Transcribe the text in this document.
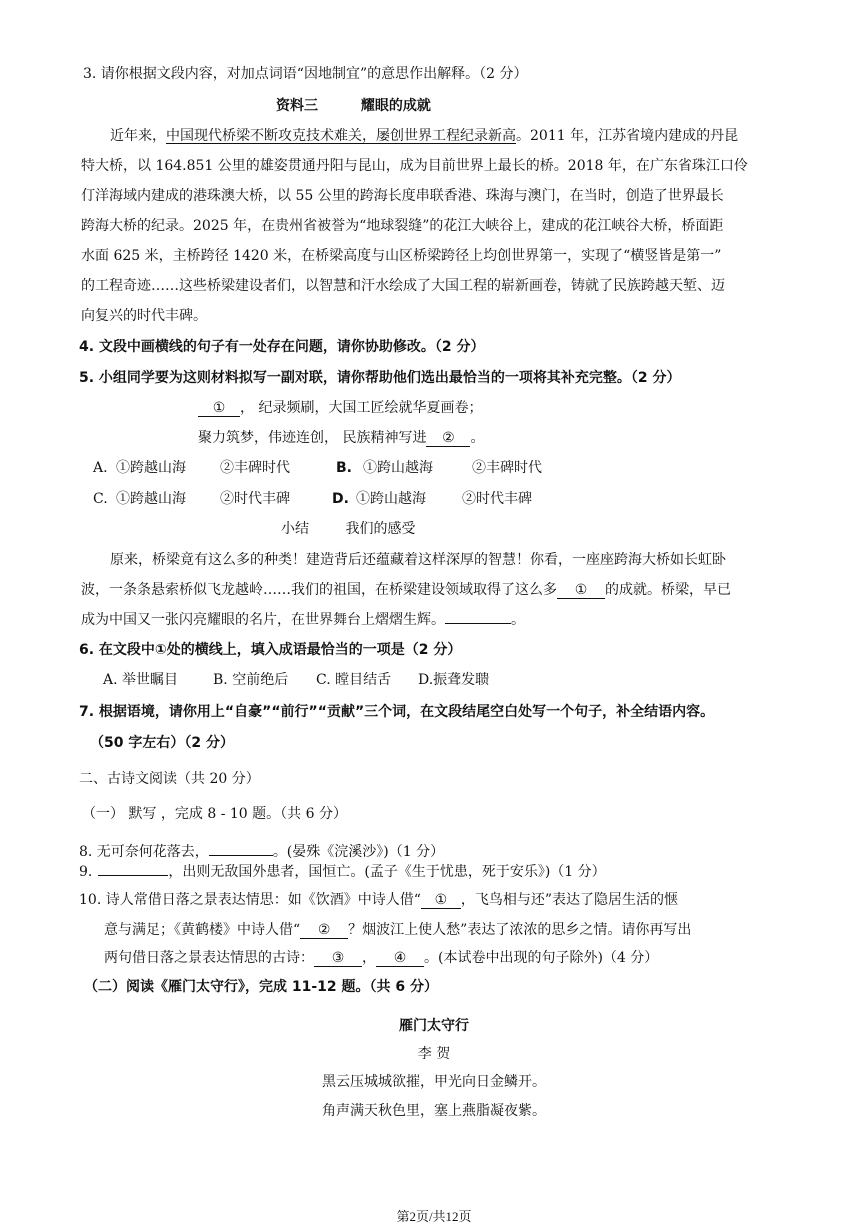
3. 请你根据文段内容，对加点词语“因地制宜”的意思作出解释。（2 分）
资料三	耀眼的成就
近年来，中国现代桥梁不断攻克技术难关，屡创世界工程纪录新高。2011 年，江苏省境内建成的丹昆
特大桥，以 164.851 公里的雄姿贯通丹阳与昆山，成为目前世界上最长的桥。2018 年，在广东省珠江口伶
仃洋海域内建成的港珠澳大桥，以 55 公里的跨海长度串联香港、珠海与澳门，在当时，创造了世界最长
跨海大桥的纪录。2025 年，在贵州省被誉为“地球裂缝”的花江大峡谷上，建成的花江峡谷大桥，桥面距
水面 625 米，主桥跨径 1420 米，在桥梁高度与山区桥梁跨径上均创世界第一，实现了“横竖皆是第一”
的工程奇迹……这些桥梁建设者们，以智慧和汗水绘成了大国工程的崭新画卷，铸就了民族跨越天堑、迈
向复兴的时代丰碑。
4. 文段中画横线的句子有一处存在问题，请你协助修改。（2 分）
5. 小组同学要为这则材料拟写一副对联，请你帮助他们选出最恰当的一项将其补充完整。（2 分）
① ， 纪录频刷，大国工匠绘就华夏画卷；
聚力筑梦，伟迹连创， 民族精神写进 ② 。
A. ①跨越山海 ②丰碑时代	B. ①跨山越海	②丰碑时代
C. ①跨越山海 ②时代丰碑	D. ①跨山越海	②时代丰碑
小结	我们的感受
原来，桥梁竟有这么多的种类！建造背后还蕴藏着这样深厚的智慧！你看，一座座跨海大桥如长虹卧
波，一条条悬索桥似飞龙越岭……我们的祖国，在桥梁建设领域取得了这么多 ① 的成就。桥梁，早已
成为中国又一张闪亮耀眼的名片，在世界舞台上熠熠生辉。	。
6. 在文段中①处的横线上，填入成语最恰当的一项是（2 分）
A. 举世瞩目 B. 空前绝后 C. 瞠目结舌 D.振聋发聩
7. 根据语境，请你用上“自豪”“前行”“贡献”三个词，在文段结尾空白处写一个句子，补全结语内容。
（50 字左右）（2 分）
二、古诗文阅读（共 20 分）
（一） 默写 ，完成 8 - 10 题。（共 6 分）
8. 无可奈何花落去，	。(晏殊《浣溪沙》)（1 分）
9.	，出则无敌国外患者，国恒亡。(孟子《生于忧患，死于安乐》)（1 分）
10. 诗人常借日落之景表达情思：如《饮酒》中诗人借“ ① ，飞鸟相与还”表达了隐居生活的惬
意与满足；《黄鹤楼》中诗人借“ ② ？烟波江上使人愁”表达了浓浓的思乡之情。请你再写出
两句借日落之景表达情思的古诗： ③ ， ④ 。(本试卷中出现的句子除外)（4 分）
（二）阅读《雁门太守行》，完成 11-12 题。（共 6 分）
雁门太守行
李 贺
黑云压城城欲摧，甲光向日金鳞开。
角声满天秋色里，塞上燕脂凝夜紫。
第2页/共12页
